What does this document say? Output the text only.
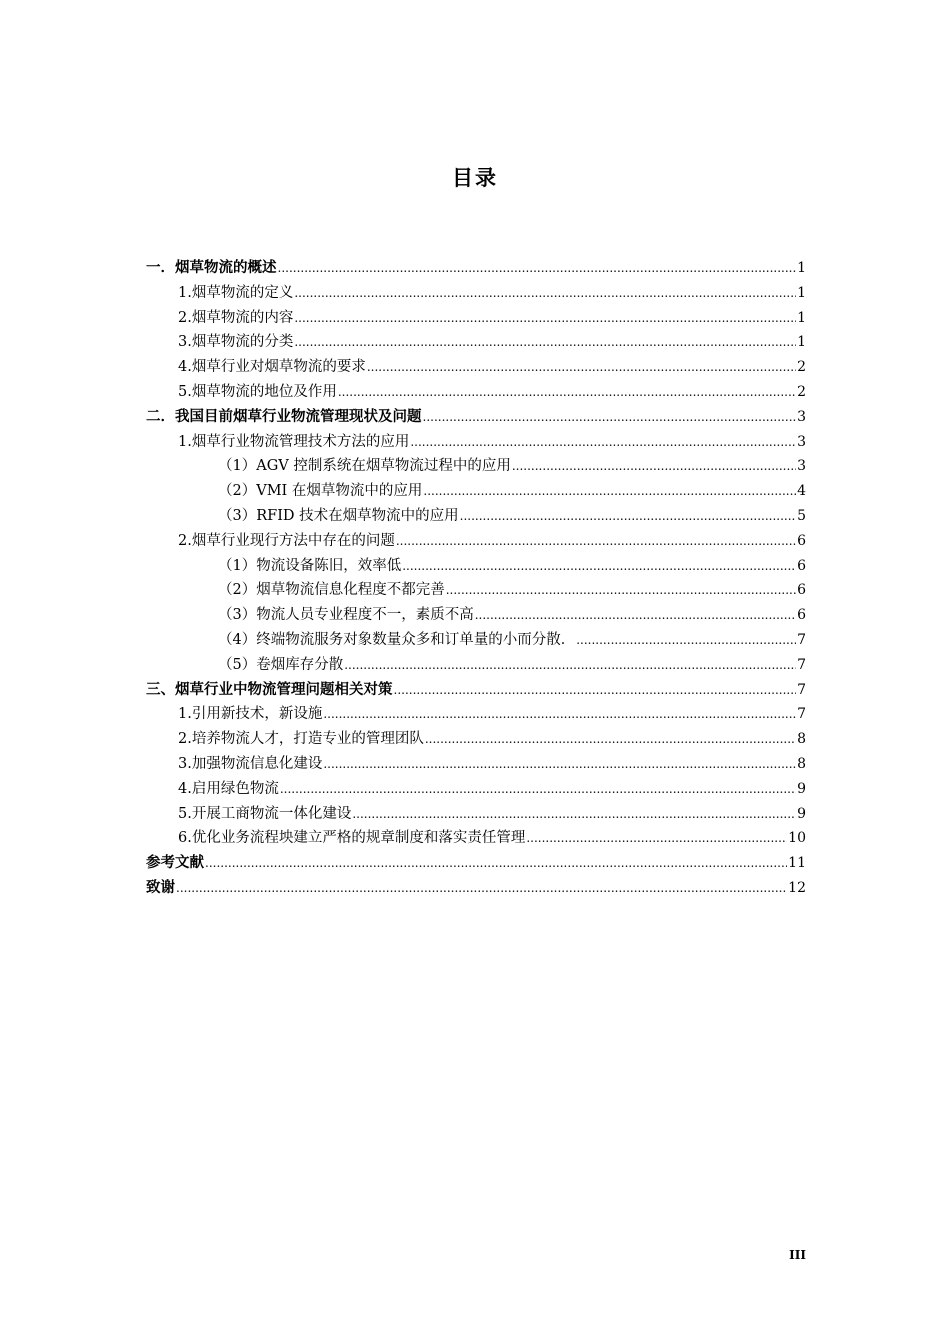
目录
一．烟草物流的概述 .....	1
1.烟草物流的定义 .....	1
2.烟草物流的内容 .....	1
3.烟草物流的分类 .....	1
4.烟草行业对烟草物流的要求 .....	2
5.烟草物流的地位及作用 .....	2
二．我国目前烟草行业物流管理现状及问题 .....	3
1.烟草行业物流管理技术方法的应用 .....	3
（1）AGV 控制系统在烟草物流过程中的应用 .....	3
（2）VMI 在烟草物流中的应用 .....	4
（3）RFID 技术在烟草物流中的应用 .....	5
2.烟草行业现行方法中存在的问题 .....	6
（1）物流设备陈旧，效率低 .....	6
（2）烟草物流信息化程度不都完善 .....	6
（3）物流人员专业程度不一，素质不高 .....	6
（4）终端物流服务对象数量众多和订单量的小而分散． .....	7
（5）卷烟库存分散 .....	7
三、烟草行业中物流管理问题相关对策 .....	7
1.引用新技术，新设施 .....	7
2.培养物流人才，打造专业的管理团队 .....	8
3.加强物流信息化建设 .....	8
4.启用绿色物流 .....	9
5.开展工商物流一体化建设 .....	9
6.优化业务流程坱建立严格的规章制度和落实责任管理 .....	10
参考文献 .....	11
致谢 .....	12
III
